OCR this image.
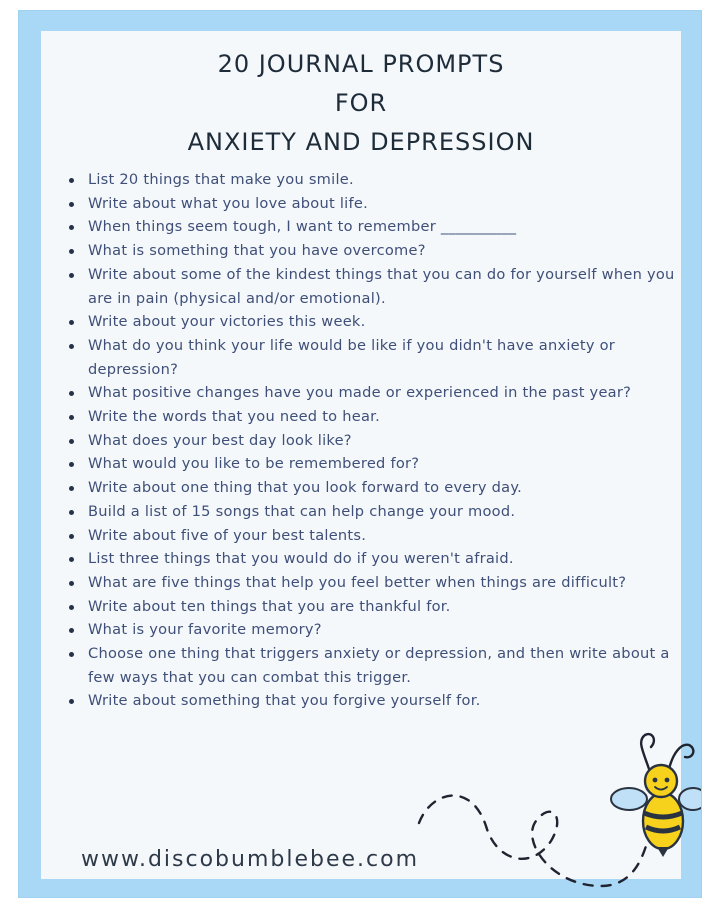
20 JOURNAL PROMPTS
FOR
ANXIETY AND DEPRESSION
List 20 things that make you smile.
Write about what you love about life.
When things seem tough, I want to remember __________
What is something that you have overcome?
Write about some of the kindest things that you can do for yourself when you are in pain (physical and/or emotional).
Write about your victories this week.
What do you think your life would be like if you didn't have anxiety or depression?
What positive changes have you made or experienced in the past year?
Write the words that you need to hear.
What does your best day look like?
What would you like to be remembered for?
Write about one thing that you look forward to every day.
Build a list of 15 songs that can help change your mood.
Write about five of your best talents.
List three things that you would do if you weren't afraid.
What are five things that help you feel better when things are difficult?
Write about ten things that you are thankful for.
What is your favorite memory?
Choose one thing that triggers anxiety or depression, and then write about a few ways that you can combat this trigger.
Write about something that you forgive yourself for.
www.discobumblebee.com
